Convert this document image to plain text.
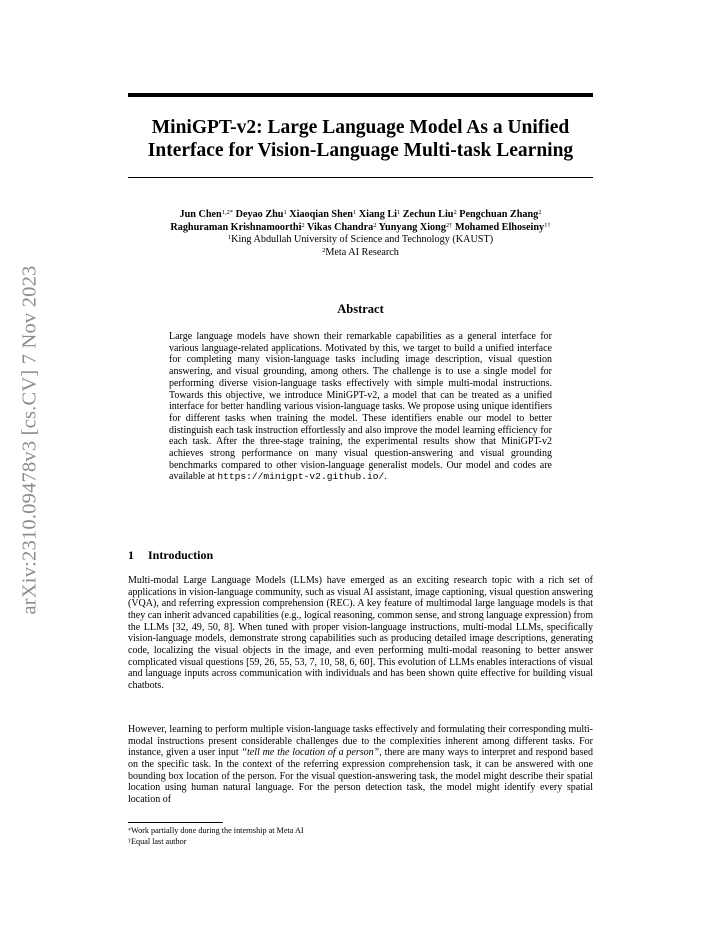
arXiv:2310.09478v3 [cs.CV] 7 Nov 2023
MiniGPT-v2: Large Language Model As a Unified
Interface for Vision-Language Multi-task Learning
Jun Chen$^{1,2*}$ Deyao Zhu$^1$ Xiaoqian Shen$^1$ Xiang Li$^1$ Zechun Liu$^2$ Pengchuan Zhang$^2$
Raghuraman Krishnamoorthi$^2$ Vikas Chandra$^2$ Yunyang Xiong$^{2\dagger}$ Mohamed Elhoseiny$^{1\dagger}$
$^1$King Abdullah University of Science and Technology (KAUST)
$^2$Meta AI Research
Abstract
Large language models have shown their remarkable capabilities as a general interface for various language-related applications. Motivated by this, we target to build a unified interface for completing many vision-language tasks including image description, visual question answering, and visual grounding, among others. The challenge is to use a single model for performing diverse vision-language tasks effectively with simple multi-modal instructions. Towards this objective, we introduce MiniGPT-v2, a model that can be treated as a unified interface for better handling various vision-language tasks. We propose using unique identifiers for different tasks when training the model. These identifiers enable our model to better distinguish each task instruction effortlessly and also improve the model learning efficiency for each task. After the three-stage training, the experimental results show that MiniGPT-v2 achieves strong performance on many visual question-answering and visual grounding benchmarks compared to other vision-language generalist models. Our model and codes are available at https://minigpt-v2.github.io/.
1 Introduction
Multi-modal Large Language Models (LLMs) have emerged as an exciting research topic with a rich set of applications in vision-language community, such as visual AI assistant, image captioning, visual question answering (VQA), and referring expression comprehension (REC). A key feature of multimodal large language models is that they can inherit advanced capabilities (e.g., logical reasoning, common sense, and strong language expression) from the LLMs [32, 49, 50, 8]. When tuned with proper vision-language instructions, multi-modal LLMs, specifically vision-language models, demonstrate strong capabilities such as producing detailed image descriptions, generating code, localizing the visual objects in the image, and even performing multi-modal reasoning to better answer complicated visual questions [59, 26, 55, 53, 7, 10, 58, 6, 60]. This evolution of LLMs enables interactions of visual and language inputs across communication with individuals and has been shown quite effective for building visual chatbots.
However, learning to perform multiple vision-language tasks effectively and formulating their corresponding multi-modal instructions present considerable challenges due to the complexities inherent among different tasks. For instance, given a user input “tell me the location of a person”, there are many ways to interpret and respond based on the specific task. In the context of the referring expression comprehension task, it can be answered with one bounding box location of the person. For the visual question-answering task, the model might describe their spatial location using human natural language. For the person detection task, the model might identify every spatial location of
*Work partially done during the internship at Meta AI
†Equal last author
